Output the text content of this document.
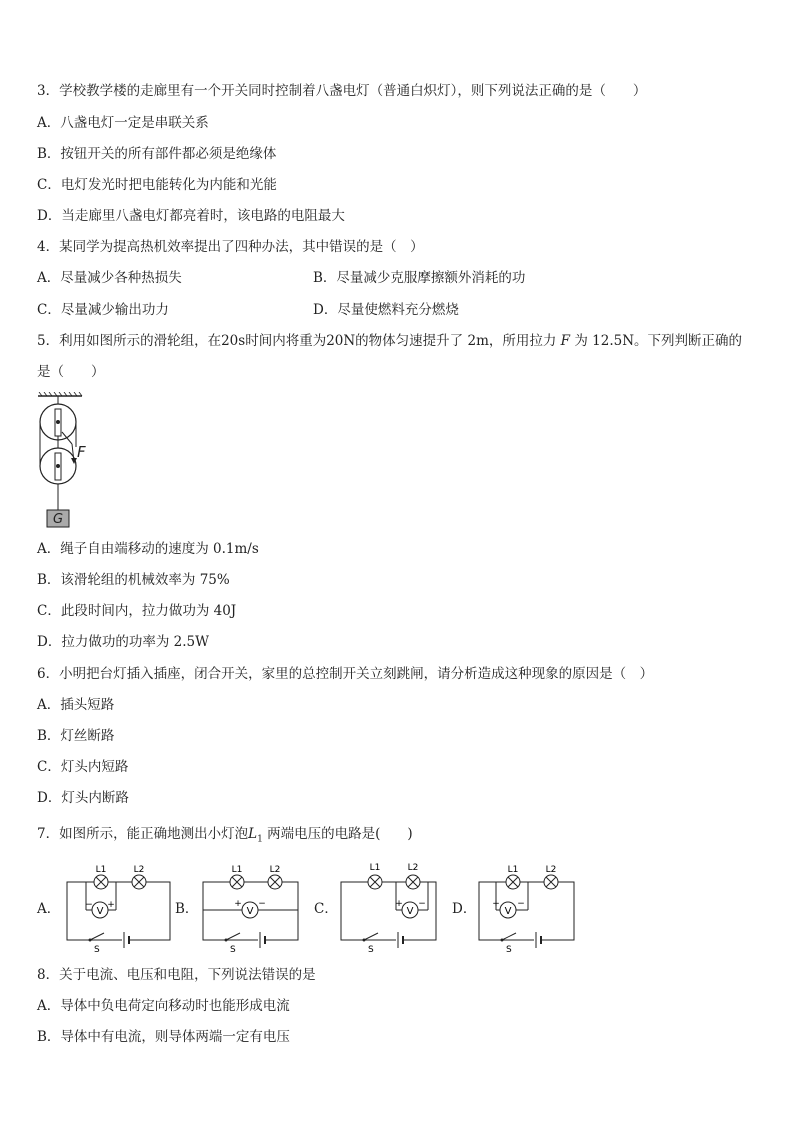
3．学校教学楼的走廊里有一个开关同时控制着八盏电灯（普通白炽灯），则下列说法正确的是（　　）
A．八盏电灯一定是串联关系
B．按钮开关的所有部件都必须是绝缘体
C．电灯发光时把电能转化为内能和光能
D．当走廊里八盏电灯都亮着时，该电路的电阻最大
4．某同学为提高热机效率提出了四种办法，其中错误的是（　）
A．尽量减少各种热损失	B．尽量减少克服摩擦额外消耗的功
C．尽量减少输出功力	D．尽量使燃料充分燃烧
5．利用如图所示的滑轮组，在20s时间内将重为20N的物体匀速提升了 2m，所用拉力 F 为 12.5N。下列判断正确的
是（　　）
F
G
A．绳子自由端移动的速度为 0.1m/s
B．该滑轮组的机械效率为 75%
C．此段时间内，拉力做功为 40J
D．拉力做功的功率为 2.5W
6．小明把台灯插入插座，闭合开关，家里的总控制开关立刻跳闸，请分析造成这种现象的原因是（　）
A．插头短路
B．灯丝断路
C．灯头内短路
D．灯头内断路
7．如图所示，能正确地测出小灯泡$L_1$ 两端电压的电路是(　　)
A．	B．	C．	D．
V
− +
L1	L2
S
V
+ −
L1	L2
S
V
+ −
L1	L2
S
V
+ −
L1	L2
S
8．关于电流、电压和电阻，下列说法错误的是
A．导体中负电荷定向移动时也能形成电流
B．导体中有电流，则导体两端一定有电压
